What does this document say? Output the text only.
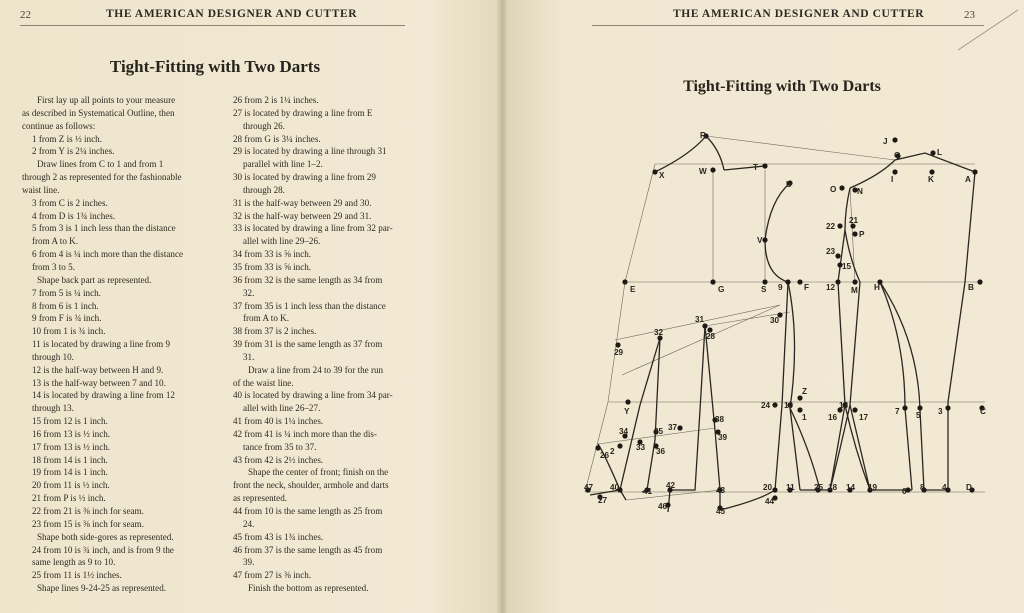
22	THE AMERICAN DESIGNER AND CUTTER
Tight-Fitting with Two Darts
First lay up all points to your measure
as described in Systematical Outline, then
continue as follows:
1 from Z is ½ inch.
2 from Y is 2¼ inches.
Draw lines from C to 1 and from 1
through 2 as represented for the fashionable
waist line.
3 from C is 2 inches.
4 from D is 1¾ inches.
5 from 3 is 1 inch less than the distance
from A to K.
6 from 4 is ¼ inch more than the distance
from 3 to 5.
Shape back part as represented.
7 from 5 is ¼ inch.
8 from 6 is 1 inch.
9 from F is ¾ inch.
10 from 1 is ¾ inch.
11 is located by drawing a line from 9
through 10.
12 is the half-way between H and 9.
13 is the half-way between 7 and 10.
14 is located by drawing a line from 12
through 13.
15 from 12 is 1 inch.
16 from 13 is ½ inch.
17 from 13 is ½ inch.
18 from 14 is 1 inch.
19 from 14 is 1 inch.
20 from 11 is ½ inch.
21 from P is ½ inch.
22 from 21 is ⅜ inch for seam.
23 from 15 is ⅜ inch for seam.
Shape both side-gores as represented.
24 from 10 is ¾ inch, and is from 9 the
same length as 9 to 10.
25 from 11 is 1½ inches.
Shape lines 9-24-25 as represented.
26 from 2 is 1¼ inches.
27 is located by drawing a line from E
through 26.
28 from G is 3¼ inches.
29 is located by drawing a line through 31
parallel with line 1–2.
30 is located by drawing a line from 29
through 28.
31 is the half-way between 29 and 30.
32 is the half-way between 29 and 31.
33 is located by drawing a line from 32 par-
allel with line 29–26.
34 from 33 is ⅝ inch.
35 from 33 is ⅝ inch.
36 from 32 is the same length as 34 from
32.
37 from 35 is 1 inch less than the distance
from A to K.
38 from 37 is 2 inches.
39 from 31 is the same length as 37 from
31.
Draw a line from 24 to 39 for the run
of the waist line.
40 is located by drawing a line from 34 par-
allel with line 26–27.
41 from 40 is 1¼ inches.
42 from 41 is ¼ inch more than the dis-
tance from 35 to 37.
43 from 42 is 2½ inches.
Shape the center of front; finish on the
front the neck, shoulder, armhole and darts
as represented.
44 from 10 is the same length as 25 from
24.
45 from 43 is 1¾ inches.
46 from 37 is the same length as 45 from
39.
47 from 27 is ⅜ inch.
Finish the bottom as represented.
THE AMERICAN DESIGNER AND CUTTER	23
Tight-Fitting with Two Darts
R
J
Q	L
X	W	T
U
O	N
I	K	A
22
21
P
V
23
15
E	G	S 9	F 12 M H	B
31
28
30
32
29
Y
Z
24 10
1
13
16	17
7 5 3	C
38
39
37
35
34
33 36
2
26
47
27
40	41
42
46
43
45
20 11
44
25 18 14 19	6 8 4 D
